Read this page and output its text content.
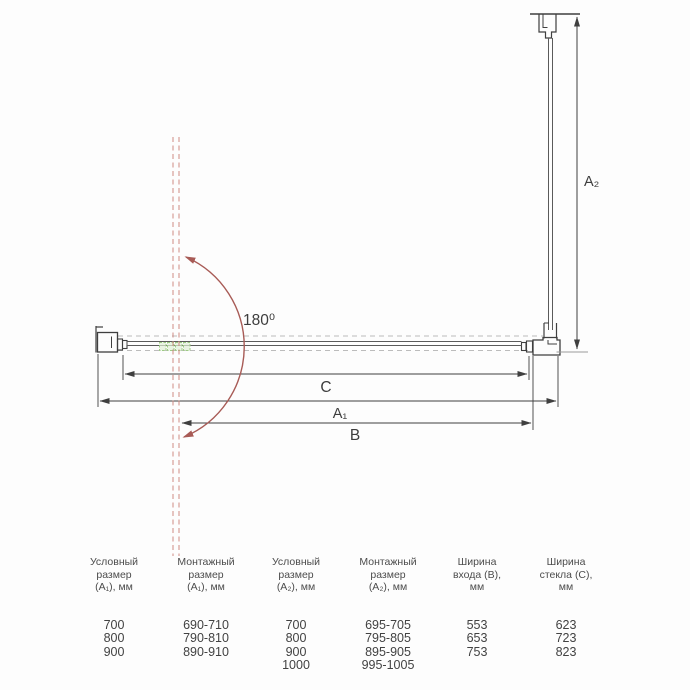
A₂
C
A₁
B
180⁰
Условный
размер
(А₁), мм
700
800
900
Монтажный
размер
(А₁), мм
690-710
790-810
890-910
Условный
размер
(А₂), мм
700
800
900
1000
Монтажный
размер
(А₂), мм
695-705
795-805
895-905
995-1005
Ширина
входа (B),
мм
553
653
753
Ширина
стекла (C),
мм
623
723
823
